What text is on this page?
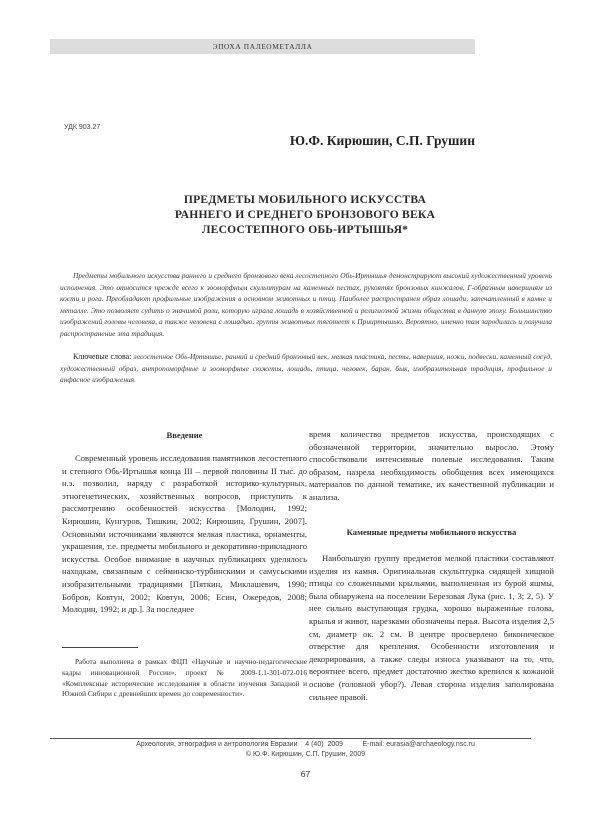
ЭПОХА ПАЛЕОМЕТАЛЛА
УДК 903.27
Ю.Ф. Кирюшин, С.П. Грушин
ПРЕДМЕТЫ МОБИЛЬНОГО ИСКУССТВА
РАННЕГО И СРЕДНЕГО БРОНЗОВОГО ВЕКА
ЛЕСОСТЕПНОГО ОБЬ-ИРТЫШЬЯ*
Предметы мобильного искусства раннего и среднего бронзового века лесостепного Обь-Иртышья демонстрируют высокий художественный уровень исполнения. Это относится прежде всего к зооморфным скульптурам на каменных пестах, рукоятях бронзовых кинжалов, Г-образным навершиям из кости и рога. Преобладают профильные изображения в основном животных и птиц. Наиболее распространен образ лошади, запечатленный в камне и металле. Это позволяет судить о значимой роли, которую играла лошадь в хозяйственной и религиозной жизни общества в данную эпоху. Большинство изображений головы человека, а также человека с лошадью, группы животных тяготеет к Прииртышью. Вероятно, именно там зародилась и получила распространение эта традиция.
Ключевые слова: лесостепное Обь-Иртышье, ранний и средний бронзовый век, мелкая пластика, песты, навершия, ножи, подвески, каменный сосуд, художественный образ, антропоморфные и зооморфные сюжеты, лошадь, птица, человек, баран, бык, изобразительная традиция, профильное и анфасное изображения.
Введение

Современный уровень исследования памятников лесостепного и степного Обь-Иртышья конца III – первой половины II тыс. до н.э. позволил, наряду с разработкой историко-культурных, этногенетических, хозяйственных вопросов, приступить к рассмотрению особенностей искусства [Молодин, 1992; Кирюшин, Кунгуров, Тишкин, 2002; Кирюшин, Грушин, 2007]. Основными источниками являются мелкая пластика, орнаменты, украшения, т.е. предметы мобильного и декоративно-прикладного искусства. Особое внимание в научных публикациях уделялось находкам, связанным с сейминско-турбинскими и самусьскими изобразительными традициями [Пяткин, Миклашевич, 1990; Бобров, Ковтун, 2002; Ковтун, 2006; Есин, Ожередов, 2008; Молодин, 1992; и др.]. За последнее

время количество предметов искусства, происходящих с обозначенной территории, значительно выросло. Этому способствовали интенсивные полевые исследования. Таким образом, назрела необходимость обобщения всех имеющихся материалов по данной тематике, их качественной публикации и анализа.

Каменные предметы мобильного искусства

Наибольшую группу предметов мелкой пластики составляют изделия из камня. Оригинальная скульптурка сидящей хищной птицы со сложенными крыльями, выполненная из бурой яшмы, была обнаружена на поселении Березовая Лука (рис. 1, 3; 2, 5). У нее сильно выступающая грудка, хорошо выраженные голова, крылья и живот, нарезками обозначены перья. Высота изделия 2,5 см, диаметр ок. 2 см. В центре просверлено биконическое отверстие для крепления. Особенности изготовления и декорирования, а также следы износа указывают на то, что, вероятнее всего, предмет достаточно жестко крепился к кожаной основе (головной убор?). Левая сторона изделия заполирована сильнее правой.

Работа выполнена в рамках ФЦП «Научные и научно-педагогические кадры инновационной России», проект № 2009-1.1-301-072-016 «Комплексные исторические исследования в области изучения Западной и Южной Сибири с древнейших времен до современности».
Археология, этнография и антропология Евразии 4 (40)  2009	E-mail: eurasia@archaeology.nsc.ru
© Ю.Ф. Кирюшин, С.П. Грушин, 2009
67
